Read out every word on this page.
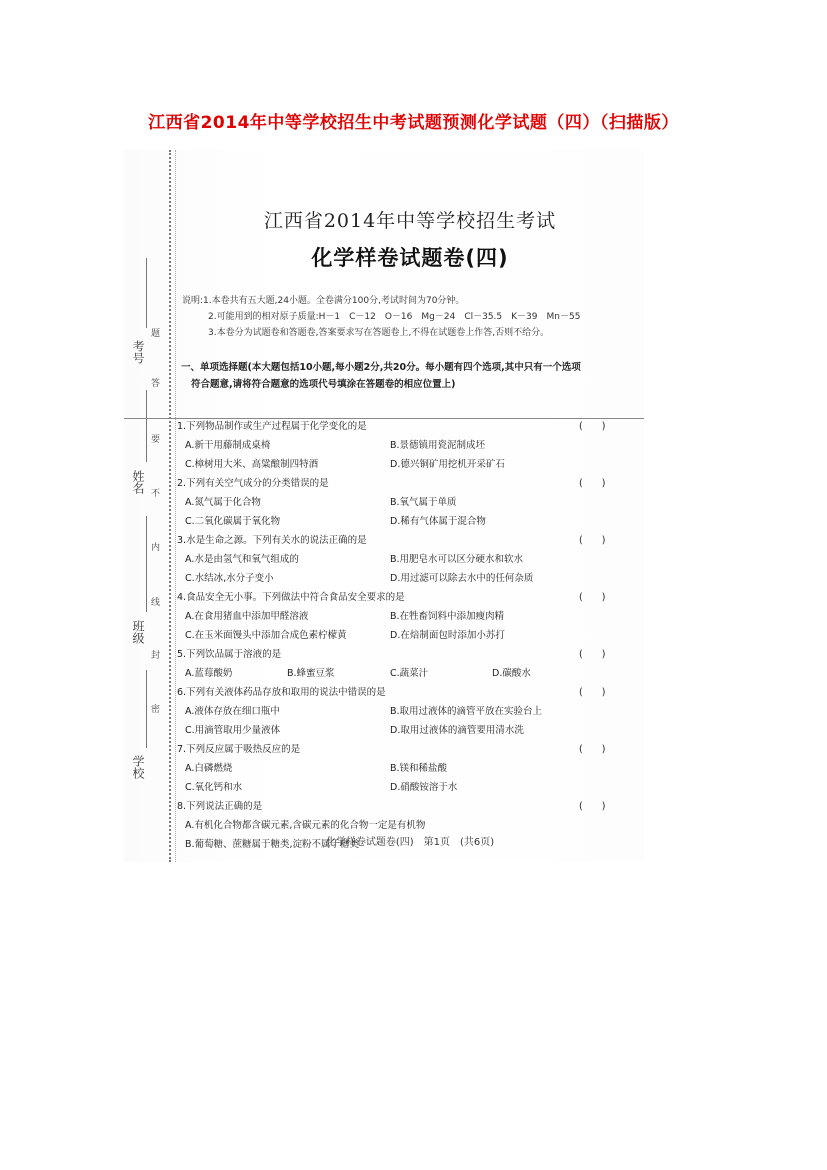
江西省2014年中等学校招生中考试题预测化学试题（四）（扫描版）
考号
姓名
班级
学校
题
答
要
不
内
线
封
密
江西省2014年中等学校招生考试
化学样卷试题卷(四)
说明:1.本卷共有五大题,24小题。全卷满分100分,考试时间为70分钟。
2.可能用到的相对原子质量:H－1　C－12　O－16　Mg－24　Cl－35.5　K－39　Mn－55
3.本卷分为试题卷和答题卷,答案要求写在答题卷上,不得在试题卷上作答,否则不给分。
一、单项选择题(本大题包括10小题,每小题2分,共20分。每小题有四个选项,其中只有一个选项
符合题意,请将符合题意的选项代号填涂在答题卷的相应位置上)
1.下列物品制作或生产过程属于化学变化的是	(　　)
A.新干用藤制成桌椅	B.景德镇用瓷泥制成坯
C.樟树用大米、高粱酿制四特酒	D.德兴铜矿用挖机开采矿石
2.下列有关空气成分的分类错误的是	(　　)
A.氮气属于化合物	B.氧气属于单质
C.二氧化碳属于氧化物	D.稀有气体属于混合物
3.水是生命之源。下列有关水的说法正确的是	(　　)
A.水是由氢气和氧气组成的	B.用肥皂水可以区分硬水和软水
C.水结冰,水分子变小	D.用过滤可以除去水中的任何杂质
4.食品安全无小事。下列做法中符合食品安全要求的是	(　　)
A.在食用猪血中添加甲醛溶液	B.在牲畜饲料中添加瘦肉精
C.在玉米面馒头中添加合成色素柠檬黄	D.在焙制面包时添加小苏打
5.下列饮品属于溶液的是	(　　)
A.蓝莓酸奶	B.蜂蜜豆浆	C.蔬菜汁	D.碳酸水
6.下列有关液体药品存放和取用的说法中错误的是	(　　)
A.液体存放在细口瓶中	B.取用过液体的滴管平放在实验台上
C.用滴管取用少量液体	D.取用过液体的滴管要用清水洗
7.下列反应属于吸热反应的是	(　　)
A.白磷燃烧	B.镁和稀盐酸
C.氧化钙和水	D.硝酸铵溶于水
8.下列说法正确的是	(　　)
A.有机化合物都含碳元素,含碳元素的化合物一定是有机物
B.葡萄糖、蔗糖属于糖类,淀粉不属于糖类
化学样卷试题卷(四)　第1页　(共6页)
